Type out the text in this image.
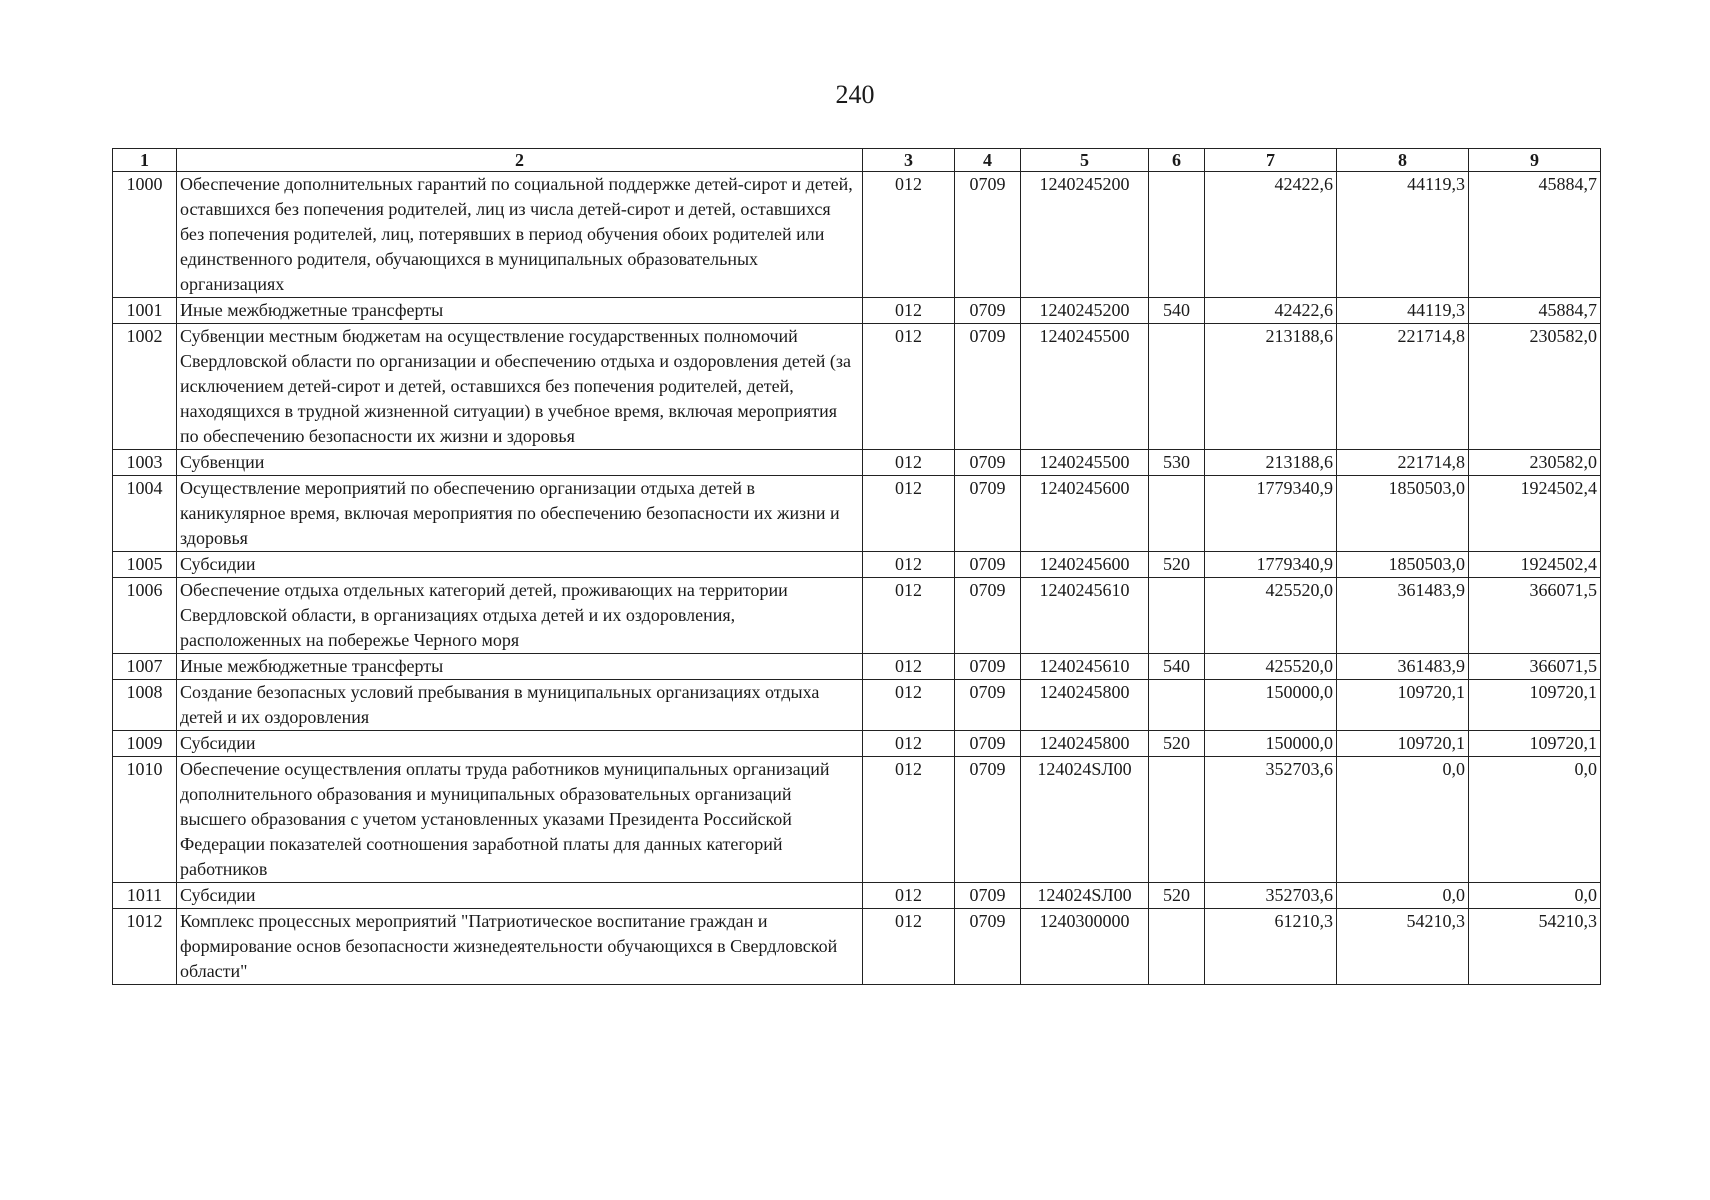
240
1	2	3	4	5	6	7	8	9
1000	Обеспечение дополнительных гарантий по социальной поддержке детей-сирот и детей, оставшихся без попечения родителей, лиц из числа детей-сирот и детей, оставшихся без попечения родителей, лиц, потерявших в период обучения обоих родителей или единственного родителя, обучающихся в муниципальных образовательных организациях	012	0709	1240245200		42422,6	44119,3	45884,7
1001	Иные межбюджетные трансферты	012	0709	1240245200	540	42422,6	44119,3	45884,7
1002	Субвенции местным бюджетам на осуществление государственных полномочий Свердловской области по организации и обеспечению отдыха и оздоровления детей (за исключением детей-сирот и детей, оставшихся без попечения родителей, детей, находящихся в трудной жизненной ситуации) в учебное время, включая мероприятия по обеспечению безопасности их жизни и здоровья	012	0709	1240245500		213188,6	221714,8	230582,0
1003	Субвенции	012	0709	1240245500	530	213188,6	221714,8	230582,0
1004	Осуществление мероприятий по обеспечению организации отдыха детей в каникулярное время, включая мероприятия по обеспечению безопасности их жизни и здоровья	012	0709	1240245600		1779340,9	1850503,0	1924502,4
1005	Субсидии	012	0709	1240245600	520	1779340,9	1850503,0	1924502,4
1006	Обеспечение отдыха отдельных категорий детей, проживающих на территории Свердловской области, в организациях отдыха детей и их оздоровления, расположенных на побережье Черного моря	012	0709	1240245610		425520,0	361483,9	366071,5
1007	Иные межбюджетные трансферты	012	0709	1240245610	540	425520,0	361483,9	366071,5
1008	Создание безопасных условий пребывания в муниципальных организациях отдыха детей и их оздоровления	012	0709	1240245800		150000,0	109720,1	109720,1
1009	Субсидии	012	0709	1240245800	520	150000,0	109720,1	109720,1
1010	Обеспечение осуществления оплаты труда работников муниципальных организаций дополнительного образования и муниципальных образовательных организаций высшего образования с учетом установленных указами Президента Российской Федерации показателей соотношения заработной платы для данных категорий работников	012	0709	124024SЛ00		352703,6	0,0	0,0
1011	Субсидии	012	0709	124024SЛ00	520	352703,6	0,0	0,0
1012	Комплекс процессных мероприятий "Патриотическое воспитание граждан и формирование основ безопасности жизнедеятельности обучающихся в Свердловской области"	012	0709	1240300000		61210,3	54210,3	54210,3
